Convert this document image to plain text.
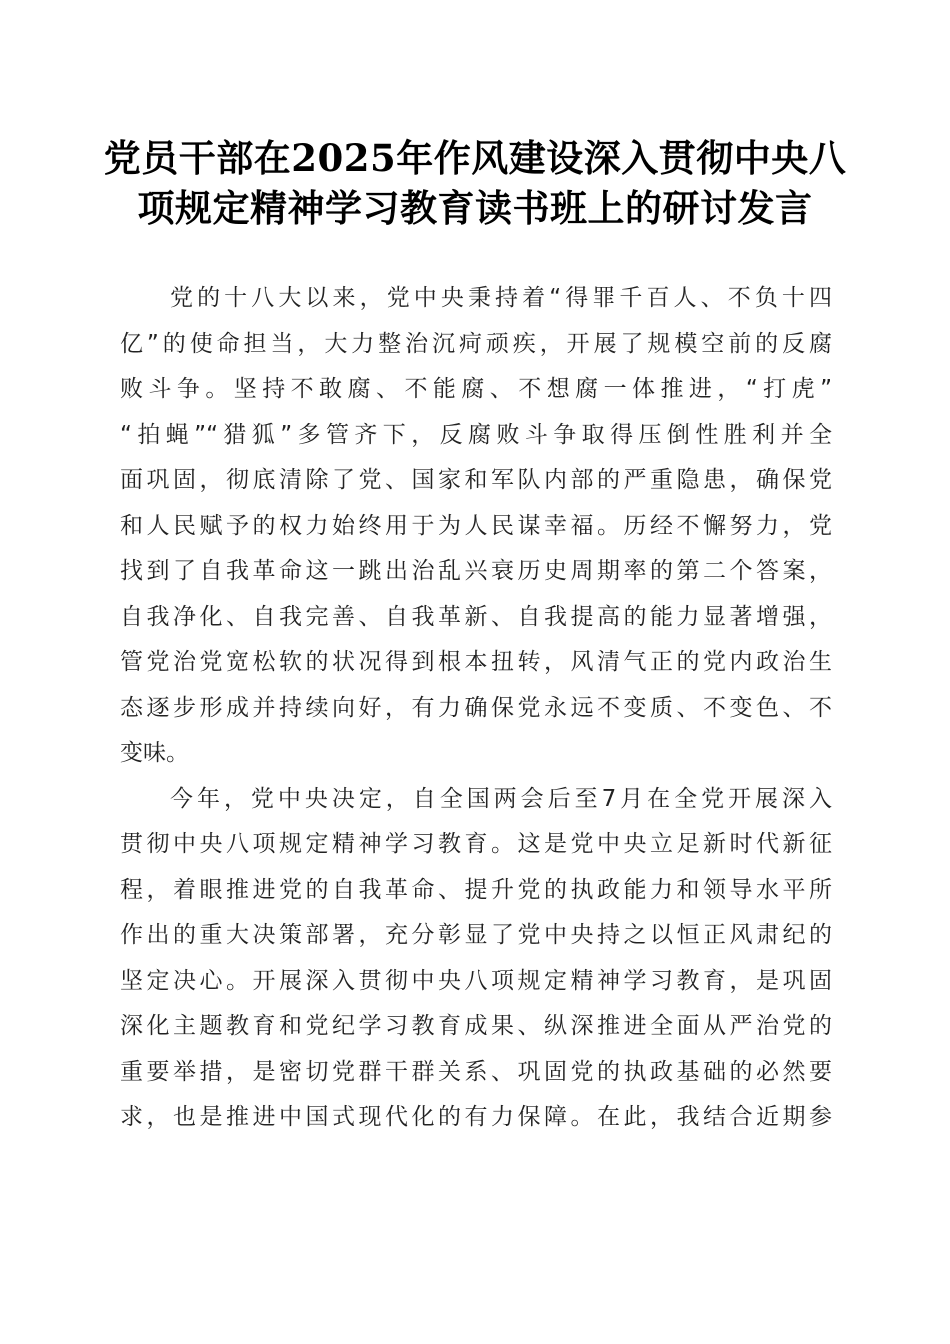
党员干部在2025年作风建设深入贯彻中央八
项规定精神学习教育读书班上的研讨发言

党的十八大以来，党中央秉持着“得罪千百人、不负十四
亿”的使命担当，大力整治沉疴顽疾，开展了规模空前的反腐
败斗争。坚持不敢腐、不能腐、不想腐一体推进，“打虎”
“拍蝇”“猎狐”多管齐下，反腐败斗争取得压倒性胜利并全
面巩固，彻底清除了党、国家和军队内部的严重隐患，确保党
和人民赋予的权力始终用于为人民谋幸福。历经不懈努力，党
找到了自我革命这一跳出治乱兴衰历史周期率的第二个答案，
自我净化、自我完善、自我革新、自我提高的能力显著增强，
管党治党宽松软的状况得到根本扭转，风清气正的党内政治生
态逐步形成并持续向好，有力确保党永远不变质、不变色、不
变味。

今年，党中央决定，自全国两会后至7月在全党开展深入
贯彻中央八项规定精神学习教育。这是党中央立足新时代新征
程，着眼推进党的自我革命、提升党的执政能力和领导水平所
作出的重大决策部署，充分彰显了党中央持之以恒正风肃纪的
坚定决心。开展深入贯彻中央八项规定精神学习教育，是巩固
深化主题教育和党纪学习教育成果、纵深推进全面从严治党的
重要举措，是密切党群干群关系、巩固党的执政基础的必然要
求，也是推进中国式现代化的有力保障。在此，我结合近期参
